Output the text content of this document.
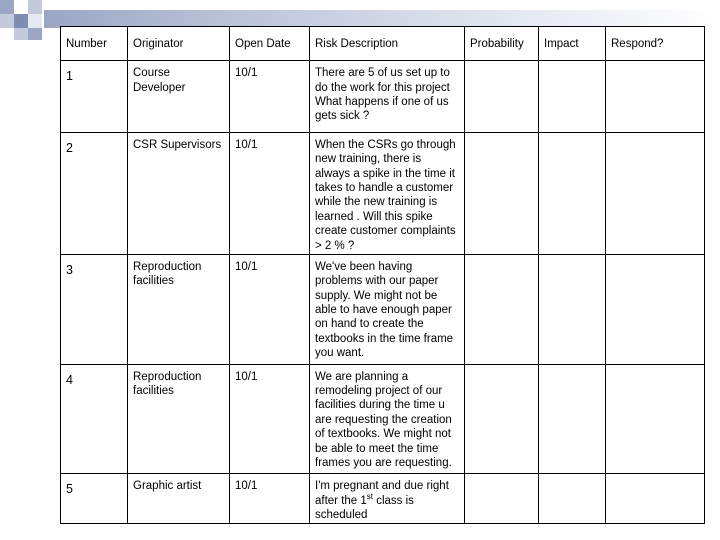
Number	Originator	Open Date	Risk Description	Probability	Impact	Respond?

1	Course Developer	10/1	There are 5 of us set up to do the work for this project What happens if one of us gets sick ?			

2	CSR Supervisors	10/1	When the CSRs go through new training, there is always a spike in the time it takes to handle a customer while the new training is learned . Will this spike create customer complaints > 2 % ?			

3	Reproduction facilities	10/1	We've been having problems with our paper supply. We might not be able to have enough paper on hand to create the textbooks in the time frame you want.			

4	Reproduction facilities	10/1	We are planning a remodeling project of our facilities during the time u are requesting the creation of textbooks. We might not be able to meet the time frames you are requesting.			

5	Graphic artist	10/1	I'm pregnant and due right after the 1st class is scheduled			
